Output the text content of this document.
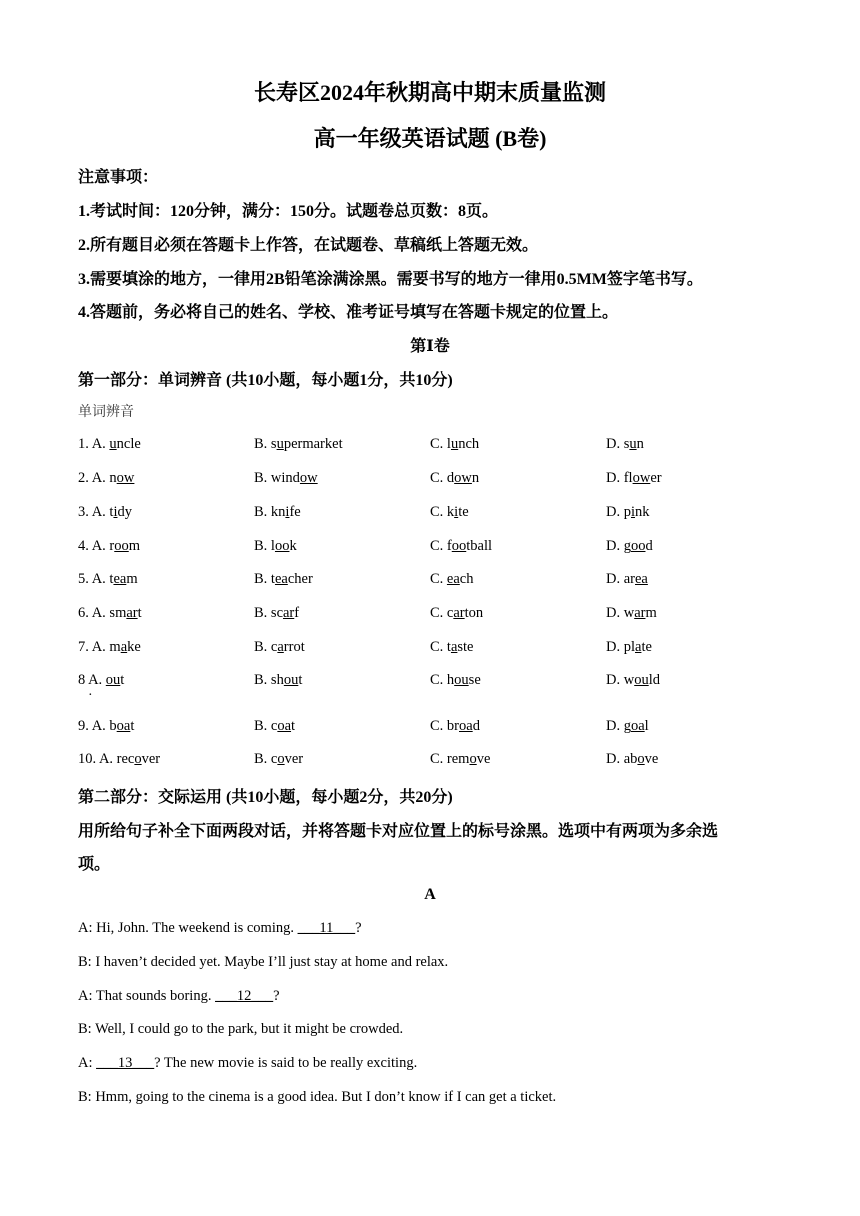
长寿区2024年秋期高中期末质量监测
高一年级英语试题 (B卷)
注意事项：
1.考试时间：120分钟，满分：150分。试题卷总页数：8页。
2.所有题目必须在答题卡上作答，在试题卷、草稿纸上答题无效。
3.需要填涂的地方，一律用2B铅笔涂满涂黑。需要书写的地方一律用0.5MM签字笔书写。
4.答题前，务必将自己的姓名、学校、准考证号填写在答题卡规定的位置上。
第Ⅰ卷
第一部分：单词辨音 (共10小题，每小题1分，共10分)
单词辨音
1. A. uncle	B. supermarket	C. lunch	D. sun
2. A. now	B. window	C. down	D. flower
3. A. tidy	B. knife	C. kite	D. pink
4. A. room	B. look	C. football	D. good
5. A. team	B. teacher	C. each	D. area
6. A. smart	B. scarf	C. carton	D. warm
7. A. make	B. carrot	C. taste	D. plate
8 A. out	B. shout	C. house	D. would
9. A. boat	B. coat	C. broad	D. goal
10. A. recover	B. cover	C. remove	D. above
·
第二部分：交际运用 (共10小题，每小题2分，共20分)
用所给句子补全下面两段对话，并将答题卡对应位置上的标号涂黑。选项中有两项为多余选
项。
A
A: Hi, John. The weekend is coming. ___11___?
B: I haven’t decided yet. Maybe I’ll just stay at home and relax.
A: That sounds boring. ___12___?
B: Well, I could go to the park, but it might be crowded.
A: ___13___? The new movie is said to be really exciting.
B: Hmm, going to the cinema is a good idea. But I don’t know if I can get a ticket.
